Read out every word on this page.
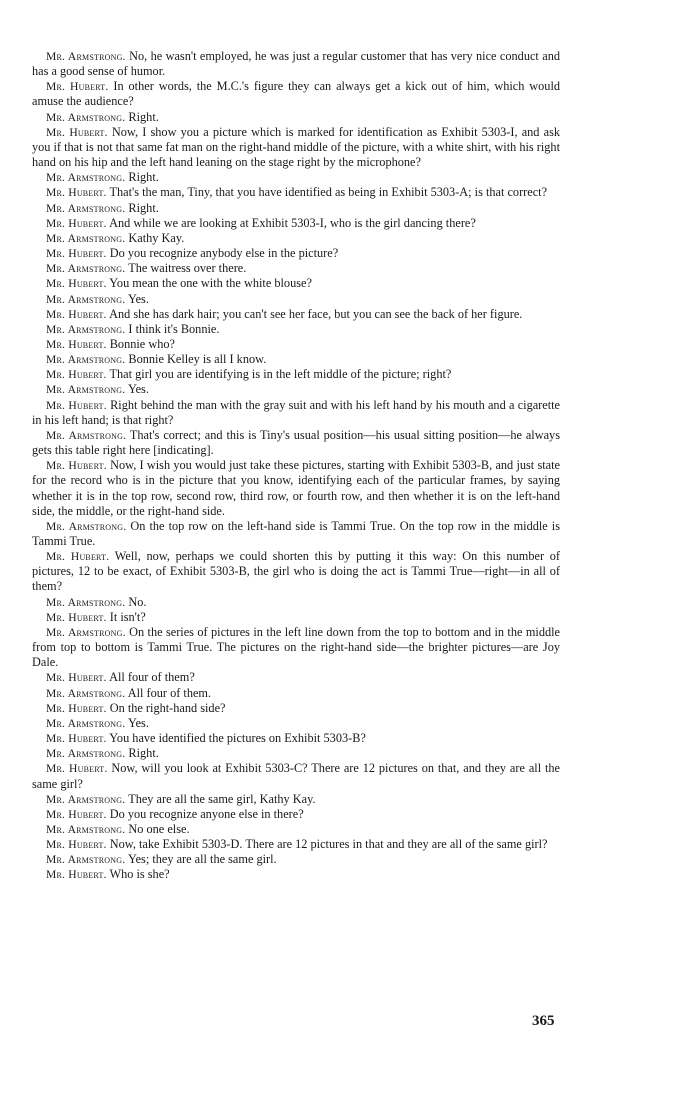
Mr. Armstrong. No, he wasn't employed, he was just a regular customer that has very nice conduct and has a good sense of humor.

Mr. Hubert. In other words, the M.C.'s figure they can always get a kick out of him, which would amuse the audience?

Mr. Armstrong. Right.

Mr. Hubert. Now, I show you a picture which is marked for identification as Exhibit 5303-I, and ask you if that is not that same fat man on the right-hand middle of the picture, with a white shirt, with his right hand on his hip and the left hand leaning on the stage right by the microphone?

Mr. Armstrong. Right.

Mr. Hubert. That's the man, Tiny, that you have identified as being in Exhibit 5303-A; is that correct?

Mr. Armstrong. Right.

Mr. Hubert. And while we are looking at Exhibit 5303-I, who is the girl dancing there?

Mr. Armstrong. Kathy Kay.

Mr. Hubert. Do you recognize anybody else in the picture?

Mr. Armstrong. The waitress over there.

Mr. Hubert. You mean the one with the white blouse?

Mr. Armstrong. Yes.

Mr. Hubert. And she has dark hair; you can't see her face, but you can see the back of her figure.

Mr. Armstrong. I think it's Bonnie.

Mr. Hubert. Bonnie who?

Mr. Armstrong. Bonnie Kelley is all I know.

Mr. Hubert. That girl you are identifying is in the left middle of the picture; right?

Mr. Armstrong. Yes.

Mr. Hubert. Right behind the man with the gray suit and with his left hand by his mouth and a cigarette in his left hand; is that right?

Mr. Armstrong. That's correct; and this is Tiny's usual position—his usual sitting position—he always gets this table right here [indicating].

Mr. Hubert. Now, I wish you would just take these pictures, starting with Exhibit 5303-B, and just state for the record who is in the picture that you know, identifying each of the particular frames, by saying whether it is in the top row, second row, third row, or fourth row, and then whether it is on the left-hand side, the middle, or the right-hand side.

Mr. Armstrong. On the top row on the left-hand side is Tammi True. On the top row in the middle is Tammi True.

Mr. Hubert. Well, now, perhaps we could shorten this by putting it this way: On this number of pictures, 12 to be exact, of Exhibit 5303-B, the girl who is doing the act is Tammi True—right—in all of them?

Mr. Armstrong. No.

Mr. Hubert. It isn't?

Mr. Armstrong. On the series of pictures in the left line down from the top to bottom and in the middle from top to bottom is Tammi True. The pictures on the right-hand side—the brighter pictures—are Joy Dale.

Mr. Hubert. All four of them?

Mr. Armstrong. All four of them.

Mr. Hubert. On the right-hand side?

Mr. Armstrong. Yes.

Mr. Hubert. You have identified the pictures on Exhibit 5303-B?

Mr. Armstrong. Right.

Mr. Hubert. Now, will you look at Exhibit 5303-C? There are 12 pictures on that, and they are all the same girl?

Mr. Armstrong. They are all the same girl, Kathy Kay.

Mr. Hubert. Do you recognize anyone else in there?

Mr. Armstrong. No one else.

Mr. Hubert. Now, take Exhibit 5303-D. There are 12 pictures in that and they are all of the same girl?

Mr. Armstrong. Yes; they are all the same girl.

Mr. Hubert. Who is she?

365
